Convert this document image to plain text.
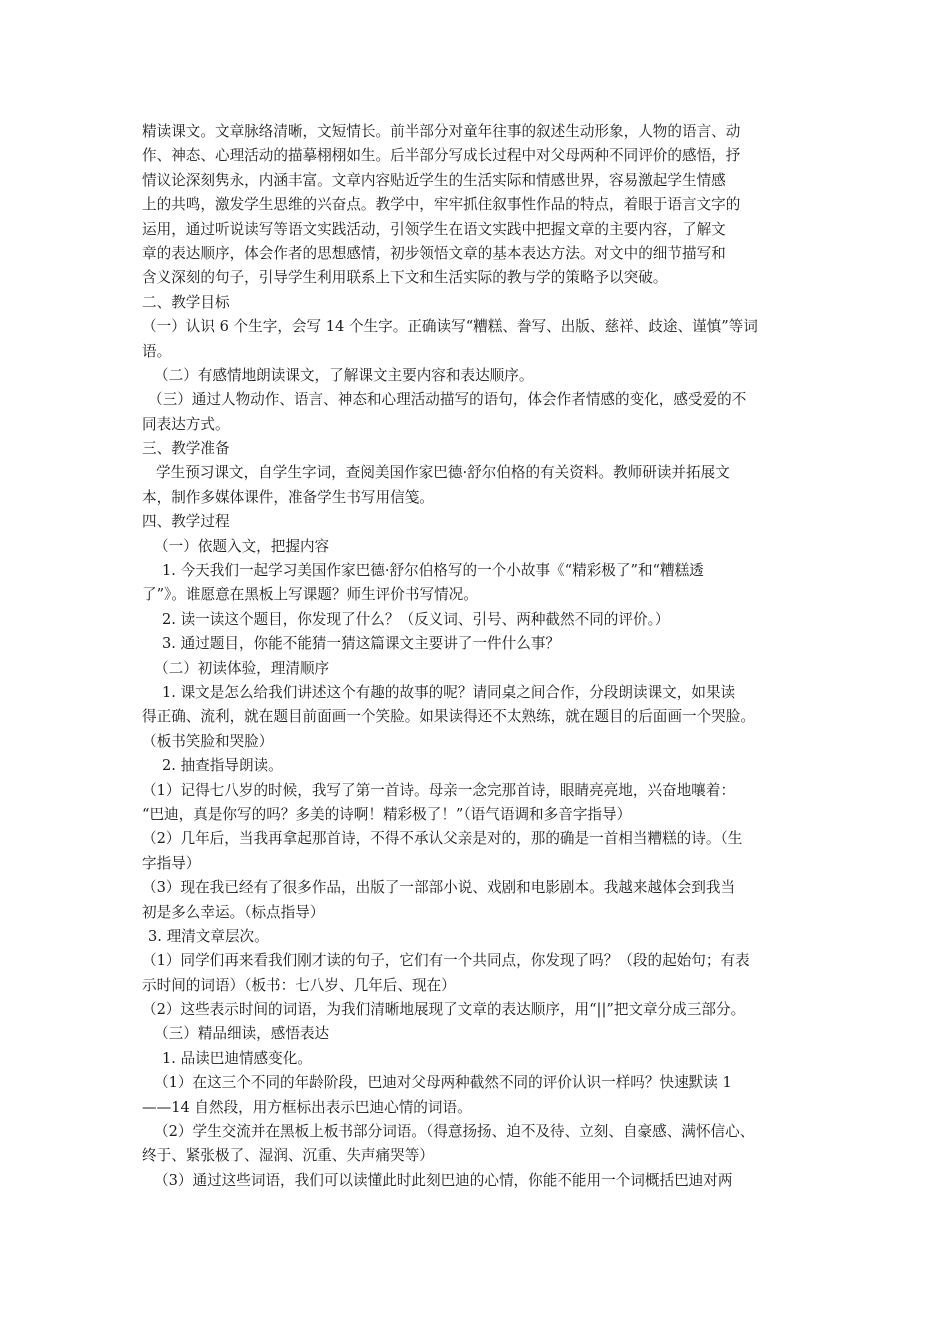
精读课文。文章脉络清晰，文短情长。前半部分对童年往事的叙述生动形象，人物的语言、动
作、神态、心理活动的描摹栩栩如生。后半部分写成长过程中对父母两种不同评价的感悟，抒
情议论深刻隽永，内涵丰富。文章内容贴近学生的生活实际和情感世界，容易激起学生情感
上的共鸣，激发学生思维的兴奋点。教学中，牢牢抓住叙事性作品的特点，着眼于语言文字的
运用，通过听说读写等语文实践活动，引领学生在语文实践中把握文章的主要内容，了解文
章的表达顺序，体会作者的思想感情，初步领悟文章的基本表达方法。对文中的细节描写和
含义深刻的句子，引导学生利用联系上下文和生活实际的教与学的策略予以突破。
二、教学目标
（一）认识 6 个生字，会写 14 个生字。正确读写“糟糕、誊写、出版、慈祥、歧途、谨慎”等词
语。
（二）有感情地朗读课文，了解课文主要内容和表达顺序。
（三）通过人物动作、语言、神态和心理活动描写的语句，体会作者情感的变化，感受爱的不
同表达方式。
三、教学准备
学生预习课文，自学生字词，查阅美国作家巴德·舒尔伯格的有关资料。教师研读并拓展文
本，制作多媒体课件，准备学生书写用信笺。
四、教学过程
（一）依题入文，把握内容
1. 今天我们一起学习美国作家巴德·舒尔伯格写的一个小故事《“精彩极了”和“糟糕透
了”》。谁愿意在黑板上写课题？师生评价书写情况。
2. 读一读这个题目，你发现了什么？（反义词、引号、两种截然不同的评价。）
3. 通过题目，你能不能猜一猜这篇课文主要讲了一件什么事？
（二）初读体验，理清顺序
1. 课文是怎么给我们讲述这个有趣的故事的呢？请同桌之间合作，分段朗读课文，如果读
得正确、流利，就在题目前面画一个笑脸。如果读得还不太熟练，就在题目的后面画一个哭脸。
（板书笑脸和哭脸）
2. 抽查指导朗读。
（1）记得七八岁的时候，我写了第一首诗。母亲一念完那首诗，眼睛亮亮地，兴奋地嚷着：
“巴迪，真是你写的吗？多美的诗啊！精彩极了！”（语气语调和多音字指导）
（2）几年后，当我再拿起那首诗，不得不承认父亲是对的，那的确是一首相当糟糕的诗。（生
字指导）
（3）现在我已经有了很多作品，出版了一部部小说、戏剧和电影剧本。我越来越体会到我当
初是多么幸运。（标点指导）
3. 理清文章层次。
（1）同学们再来看我们刚才读的句子，它们有一个共同点，你发现了吗？（段的起始句；有表
示时间的词语）（板书：七八岁、几年后、现在）
（2）这些表示时间的词语，为我们清晰地展现了文章的表达顺序，用“||”把文章分成三部分。
（三）精品细读，感悟表达
1. 品读巴迪情感变化。
（1）在这三个不同的年龄阶段，巴迪对父母两种截然不同的评价认识一样吗？快速默读 1
——14 自然段，用方框标出表示巴迪心情的词语。
（2）学生交流并在黑板上板书部分词语。（得意扬扬、迫不及待、立刻、自豪感、满怀信心、
终于、紧张极了、湿润、沉重、失声痛哭等）
（3）通过这些词语，我们可以读懂此时此刻巴迪的心情，你能不能用一个词概括巴迪对两
